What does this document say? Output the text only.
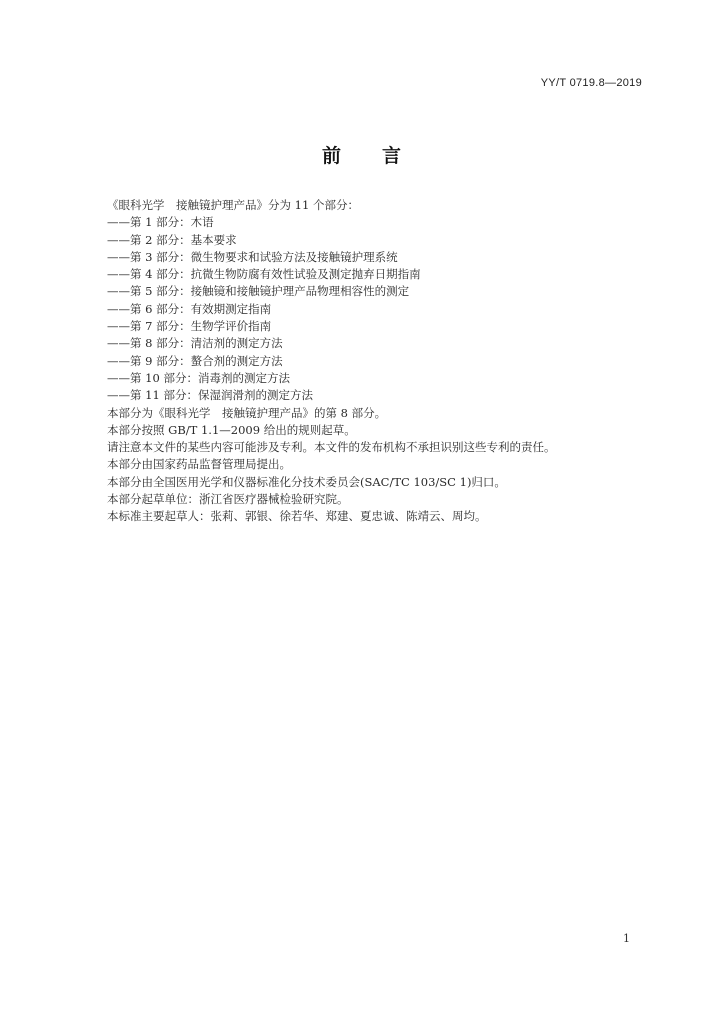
YY/T 0719.8—2019
前　　言
《眼科光学　接触镜护理产品》分为 11 个部分：
——第 1 部分：木语
——第 2 部分：基本要求
——第 3 部分：微生物要求和试验方法及接触镜护理系统
——第 4 部分：抗微生物防腐有效性试验及测定抛弃日期指南
——第 5 部分：接触镜和接触镜护理产品物理相容性的测定
——第 6 部分：有效期测定指南
——第 7 部分：生物学评价指南
——第 8 部分：清洁剂的测定方法
——第 9 部分：螯合剂的测定方法
——第 10 部分：消毒剂的测定方法
——第 11 部分：保湿润滑剂的测定方法
本部分为《眼科光学　接触镜护理产品》的第 8 部分。
本部分按照 GB/T 1.1—2009 给出的规则起草。
请注意本文件的某些内容可能涉及专利。本文件的发布机构不承担识别这些专利的责任。
本部分由国家药品监督管理局提出。
本部分由全国医用光学和仪器标准化分技术委员会(SAC/TC 103/SC 1)归口。
本部分起草单位：浙江省医疗器械检验研究院。
本标准主要起草人：张莉、郭银、徐若华、郑建、夏忠诚、陈靖云、周均。
1
